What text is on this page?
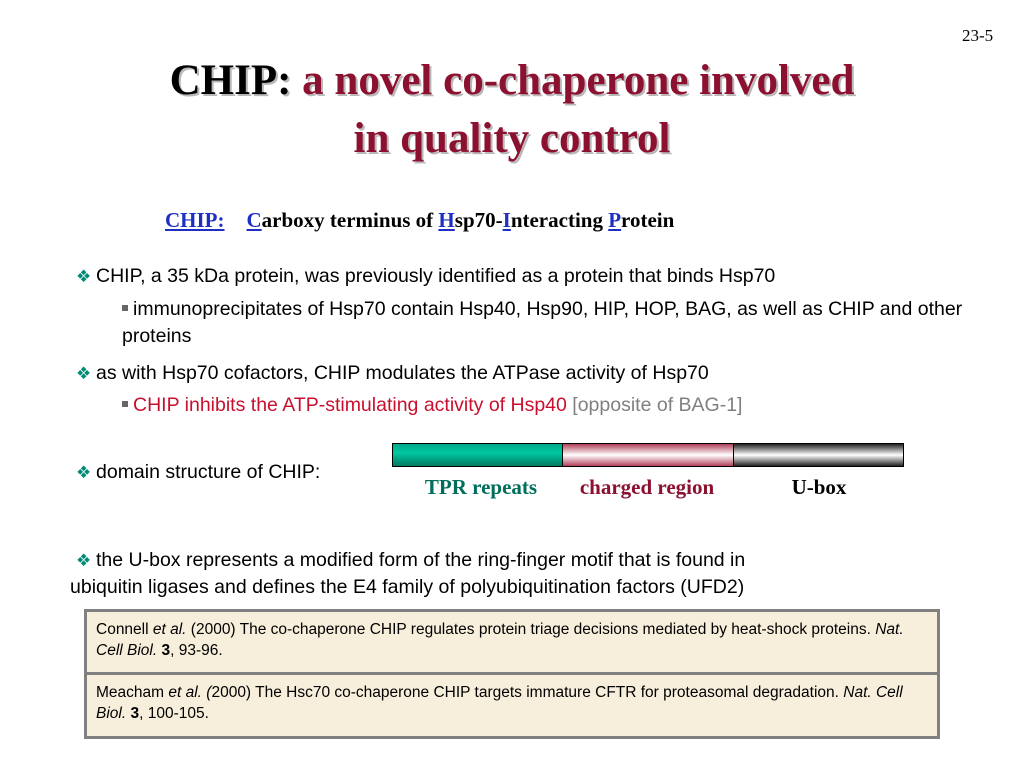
23-5
CHIP: a novel co-chaperone involved
in quality control
CHIP: Carboxy terminus of Hsp70-Interacting Protein
❖ CHIP, a 35 kDa protein, was previously identified as a protein that binds Hsp70
immunoprecipitates of Hsp70 contain Hsp40, Hsp90, HIP, HOP, BAG, as well as CHIP and other proteins
❖ as with Hsp70 cofactors, CHIP modulates the ATPase activity of Hsp70
CHIP inhibits the ATP-stimulating activity of Hsp40 [opposite of BAG-1]
❖ domain structure of CHIP:
TPR repeats	charged region	U-box
❖ the U-box represents a modified form of the ring-finger motif that is found in
ubiquitin ligases and defines the E4 family of polyubiquitination factors (UFD2)
Connell et al. (2000) The co-chaperone CHIP regulates protein triage decisions mediated by heat-shock proteins. Nat. Cell Biol. 3, 93-96.
Meacham et al. (2000) The Hsc70 co-chaperone CHIP targets immature CFTR for proteasomal degradation. Nat. Cell Biol. 3, 100-105.
